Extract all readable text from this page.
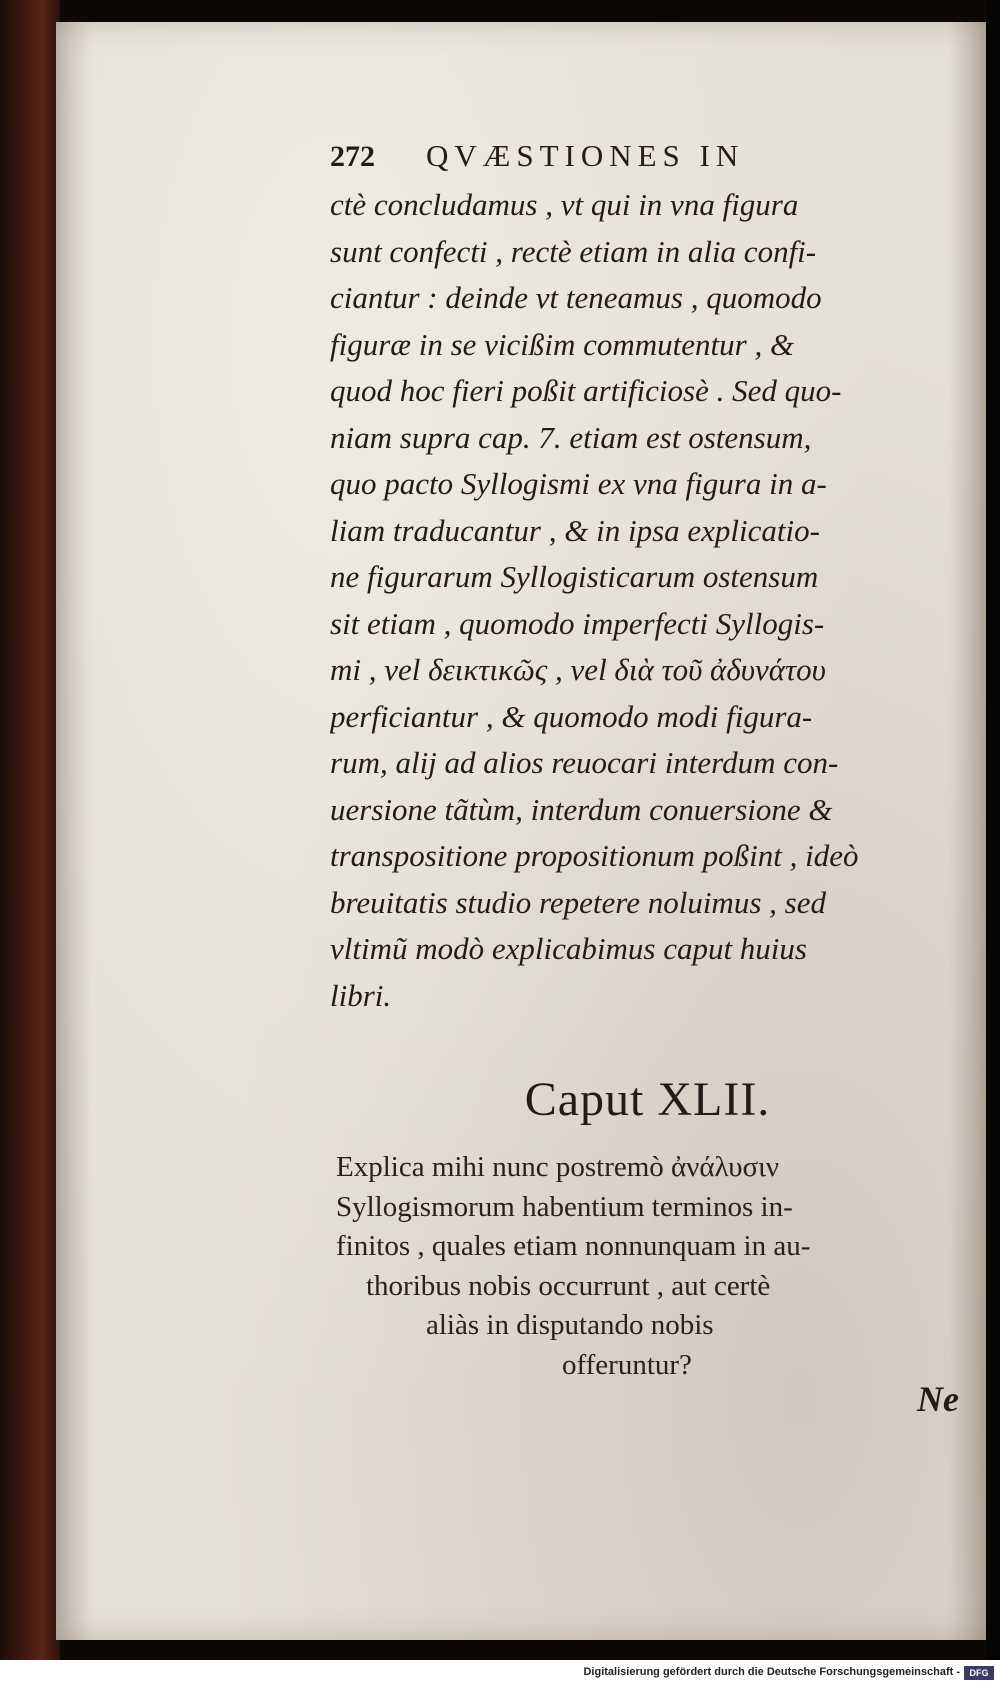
272 QVÆSTIONES IN
ctè concludamus , vt qui in vna figura
sunt confecti , rectè etiam in alia confi-
ciantur : deinde vt teneamus , quomodo
figuræ in se vicißim commutentur , &
quod hoc fieri poßit artificiosè . Sed quo-
niam supra cap. 7. etiam est ostensum,
quo pacto Syllogismi ex vna figura in a-
liam traducantur , & in ipsa explicatio-
ne figurarum Syllogisticarum ostensum
sit etiam , quomodo imperfecti Syllogis-
mi , vel δεικτικῶς , vel διὰ τοῦ ἀδυνάτου
perficiantur , & quomodo modi figura-
rum, alij ad alios reuocari interdum con-
uersione tãtùm, interdum conuersione &
transpositione propositionum poßint , ideò
breuitatis studio repetere noluimus , sed
vltimũ modò explicabimus caput huius
libri.
Caput XLII.
Explica mihi nunc postremò ἀνάλυσιν
Syllogismorum habentium terminos in-
finitos , quales etiam nonnunquam in au-
thoribus nobis occurrunt , aut certè
aliàs in disputando nobis
offeruntur?
Ne
Digitalisierung gefördert durch die Deutsche Forschungsgemeinschaft -	DFG
